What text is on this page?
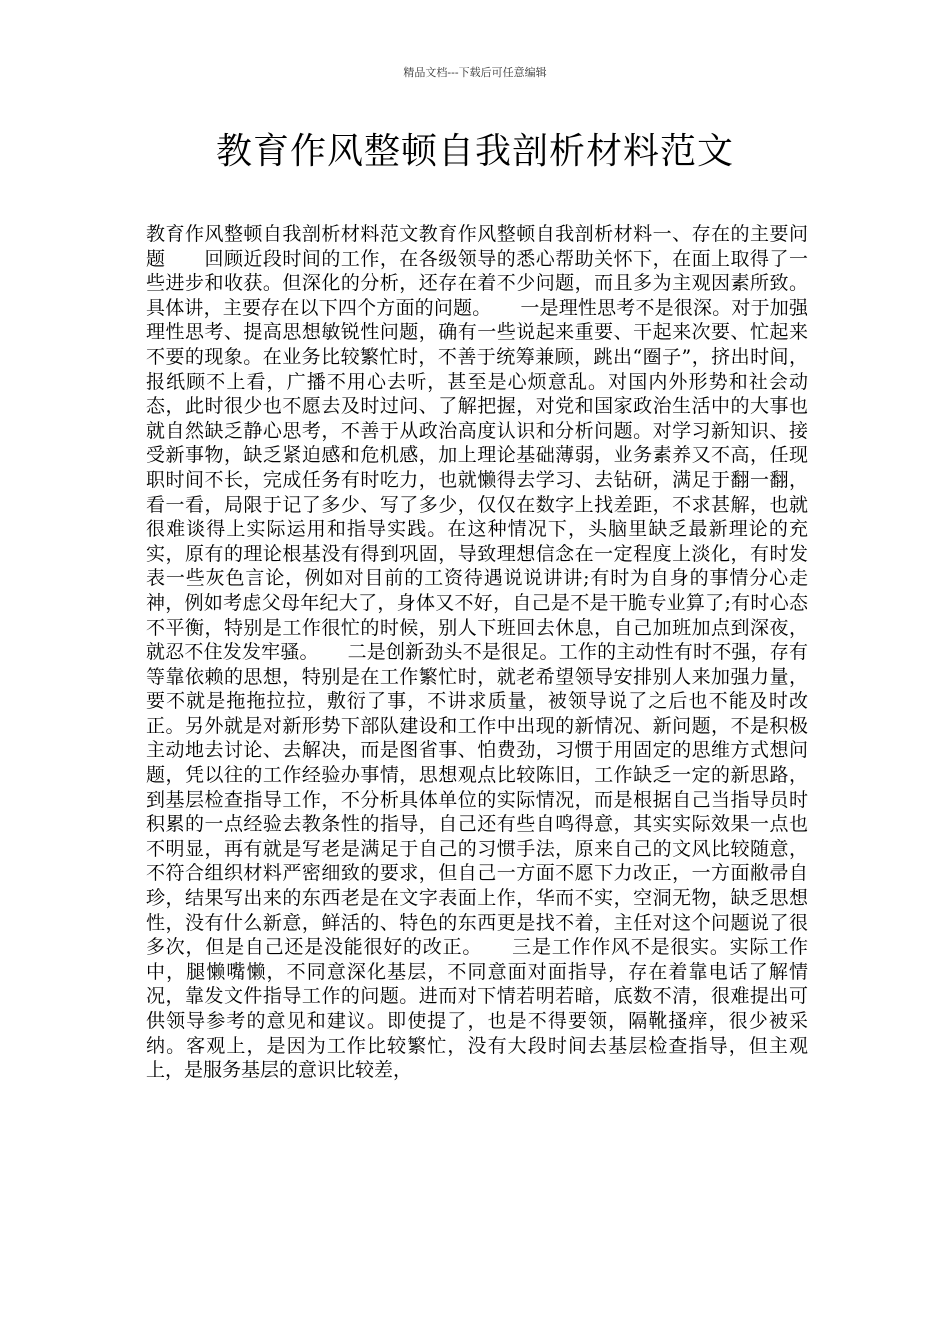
精品文档---下载后可任意编辑
教育作风整顿自我剖析材料范文

教育作风整顿自我剖析材料范文教育作风整顿自我剖析材料一、存在的主要问题　　回顾近段时间的工作，在各级领导的悉心帮助关怀下，在面上取得了一些进步和收获。但深化的分析，还存在着不少问题，而且多为主观因素所致。具体讲，主要存在以下四个方面的问题。　　一是理性思考不是很深。对于加强理性思考、提高思想敏锐性问题，确有一些说起来重要、干起来次要、忙起来不要的现象。在业务比较繁忙时，不善于统筹兼顾，跳出“圈子”，挤出时间，报纸顾不上看，广播不用心去听，甚至是心烦意乱。对国内外形势和社会动态，此时很少也不愿去及时过问、了解把握，对党和国家政治生活中的大事也就自然缺乏静心思考，不善于从政治高度认识和分析问题。对学习新知识、接受新事物，缺乏紧迫感和危机感，加上理论基础薄弱，业务素养又不高，任现职时间不长，完成任务有时吃力，也就懒得去学习、去钻研，满足于翻一翻，看一看，局限于记了多少、写了多少，仅仅在数字上找差距，不求甚解，也就很难谈得上实际运用和指导实践。在这种情况下，头脑里缺乏最新理论的充实，原有的理论根基没有得到巩固，导致理想信念在一定程度上淡化，有时发表一些灰色言论，例如对目前的工资待遇说说讲讲;有时为自身的事情分心走神，例如考虑父母年纪大了，身体又不好，自己是不是干脆专业算了;有时心态不平衡，特别是工作很忙的时候，别人下班回去休息，自己加班加点到深夜，就忍不住发发牢骚。　　二是创新劲头不是很足。工作的主动性有时不强，存有等靠依赖的思想，特别是在工作繁忙时，就老希望领导安排别人来加强力量，要不就是拖拖拉拉，敷衍了事，不讲求质量，被领导说了之后也不能及时改正。另外就是对新形势下部队建设和工作中出现的新情况、新问题，不是积极主动地去讨论、去解决，而是图省事、怕费劲，习惯于用固定的思维方式想问题，凭以往的工作经验办事情，思想观点比较陈旧，工作缺乏一定的新思路，到基层检查指导工作，不分析具体单位的实际情况，而是根据自己当指导员时积累的一点经验去教条性的指导，自己还有些自鸣得意，其实实际效果一点也不明显，再有就是写老是满足于自己的习惯手法，原来自己的文风比较随意，不符合组织材料严密细致的要求，但自己一方面不愿下力改正，一方面敝帚自珍，结果写出来的东西老是在文字表面上作，华而不实，空洞无物，缺乏思想性，没有什么新意，鲜活的、特色的东西更是找不着，主任对这个问题说了很多次，但是自己还是没能很好的改正。　　三是工作作风不是很实。实际工作中，腿懒嘴懒，不同意深化基层，不同意面对面指导，存在着靠电话了解情况，靠发文件指导工作的问题。进而对下情若明若暗，底数不清，很难提出可供领导参考的意见和建议。即使提了，也是不得要领，隔靴搔痒，很少被采纳。客观上，是因为工作比较繁忙，没有大段时间去基层检查指导，但主观上，是服务基层的意识比较差，
